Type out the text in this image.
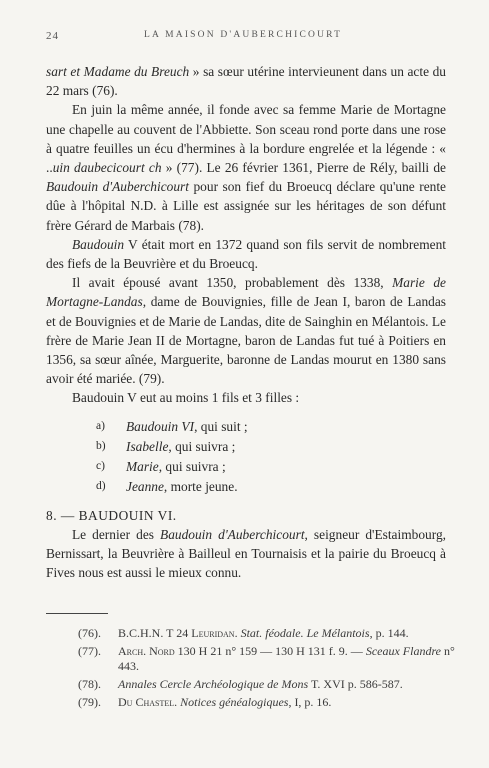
24	LA MAISON D'AUBERCHICOURT

sart et Madame du Breuch » sa sœur utérine intervieunent dans un acte du 22 mars (76).

En juin la même année, il fonde avec sa femme Marie de Mortagne une chapelle au couvent de l'Abbiette. Son sceau rond porte dans une rose à quatre feuilles un écu d'hermines à la bordure engrelée et la légende : « ..uin daubecicourt ch » (77). Le 26 février 1361, Pierre de Rély, bailli de Baudouin d'Auberchicourt pour son fief du Broeucq déclare qu'une rente dûe à l'hôpital N.D. à Lille est assignée sur les héritages de son défunt frère Gérard de Marbais (78).

Baudouin V était mort en 1372 quand son fils servit de nombrement des fiefs de la Beuvrière et du Broeucq.

Il avait épousé avant 1350, probablement dès 1338, Marie de Mortagne-Landas, dame de Bouvignies, fille de Jean I, baron de Landas et de Bouvignies et de Marie de Landas, dite de Sainghin en Mélantois. Le frère de Marie Jean II de Mortagne, baron de Landas fut tué à Poitiers en 1356, sa sœur aînée, Marguerite, baronne de Landas mourut en 1380 sans avoir été mariée. (79).

Baudouin V eut au moins 1 fils et 3 filles :

a) Baudouin VI, qui suit ;
b) Isabelle, qui suivra ;
c) Marie, qui suivra ;
d) Jeanne, morte jeune.

8. — BAUDOUIN VI.

Le dernier des Baudouin d'Auberchicourt, seigneur d'Estaimbourg, Bernissart, la Beuvrière à Bailleul en Tournaisis et la pairie du Broeucq à Fives nous est aussi le mieux connu.

(76). B.C.H.N. T 24 Leuridan. Stat. féodale. Le Mélantois, p. 144.
(77). Arch. Nord 130 H 21 n° 159 — 130 H 131 f. 9. — Sceaux Flandre n° 443.
(78). Annales Cercle Archéologique de Mons T. XVI p. 586-587.
(79). Du Chastel. Notices généalogiques, I, p. 16.
